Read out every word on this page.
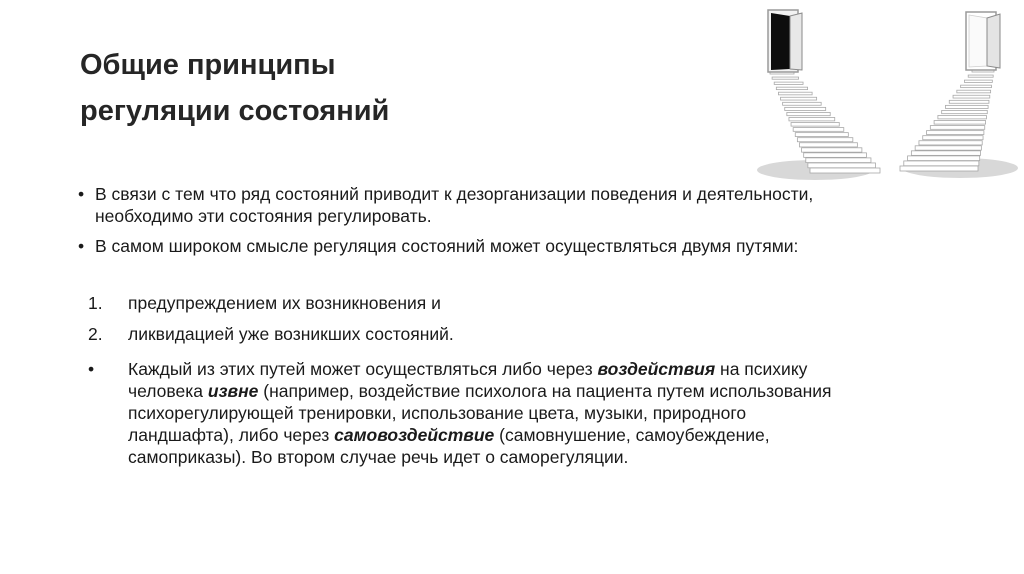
Общие принципы
регуляции состояний
• В связи с тем что ряд состояний приводит к дезорганизации поведения и деятельности, необходимо эти состояния регулировать.
• В самом широком смысле регуляция состояний может осуществляться двумя путями:
1. предупреждением их возникновения и
2. ликвидацией уже возникших состояний.
• Каждый из этих путей может осуществляться либо через воздействия на психику человека извне (например, воздействие психолога на пациента путем использования психорегулирующей тренировки, использование цвета, музыки, природного ландшафта), либо через самовоздействие (самовнушение, самоубеждение, самоприказы). Во втором случае речь идет о саморегуляции.
